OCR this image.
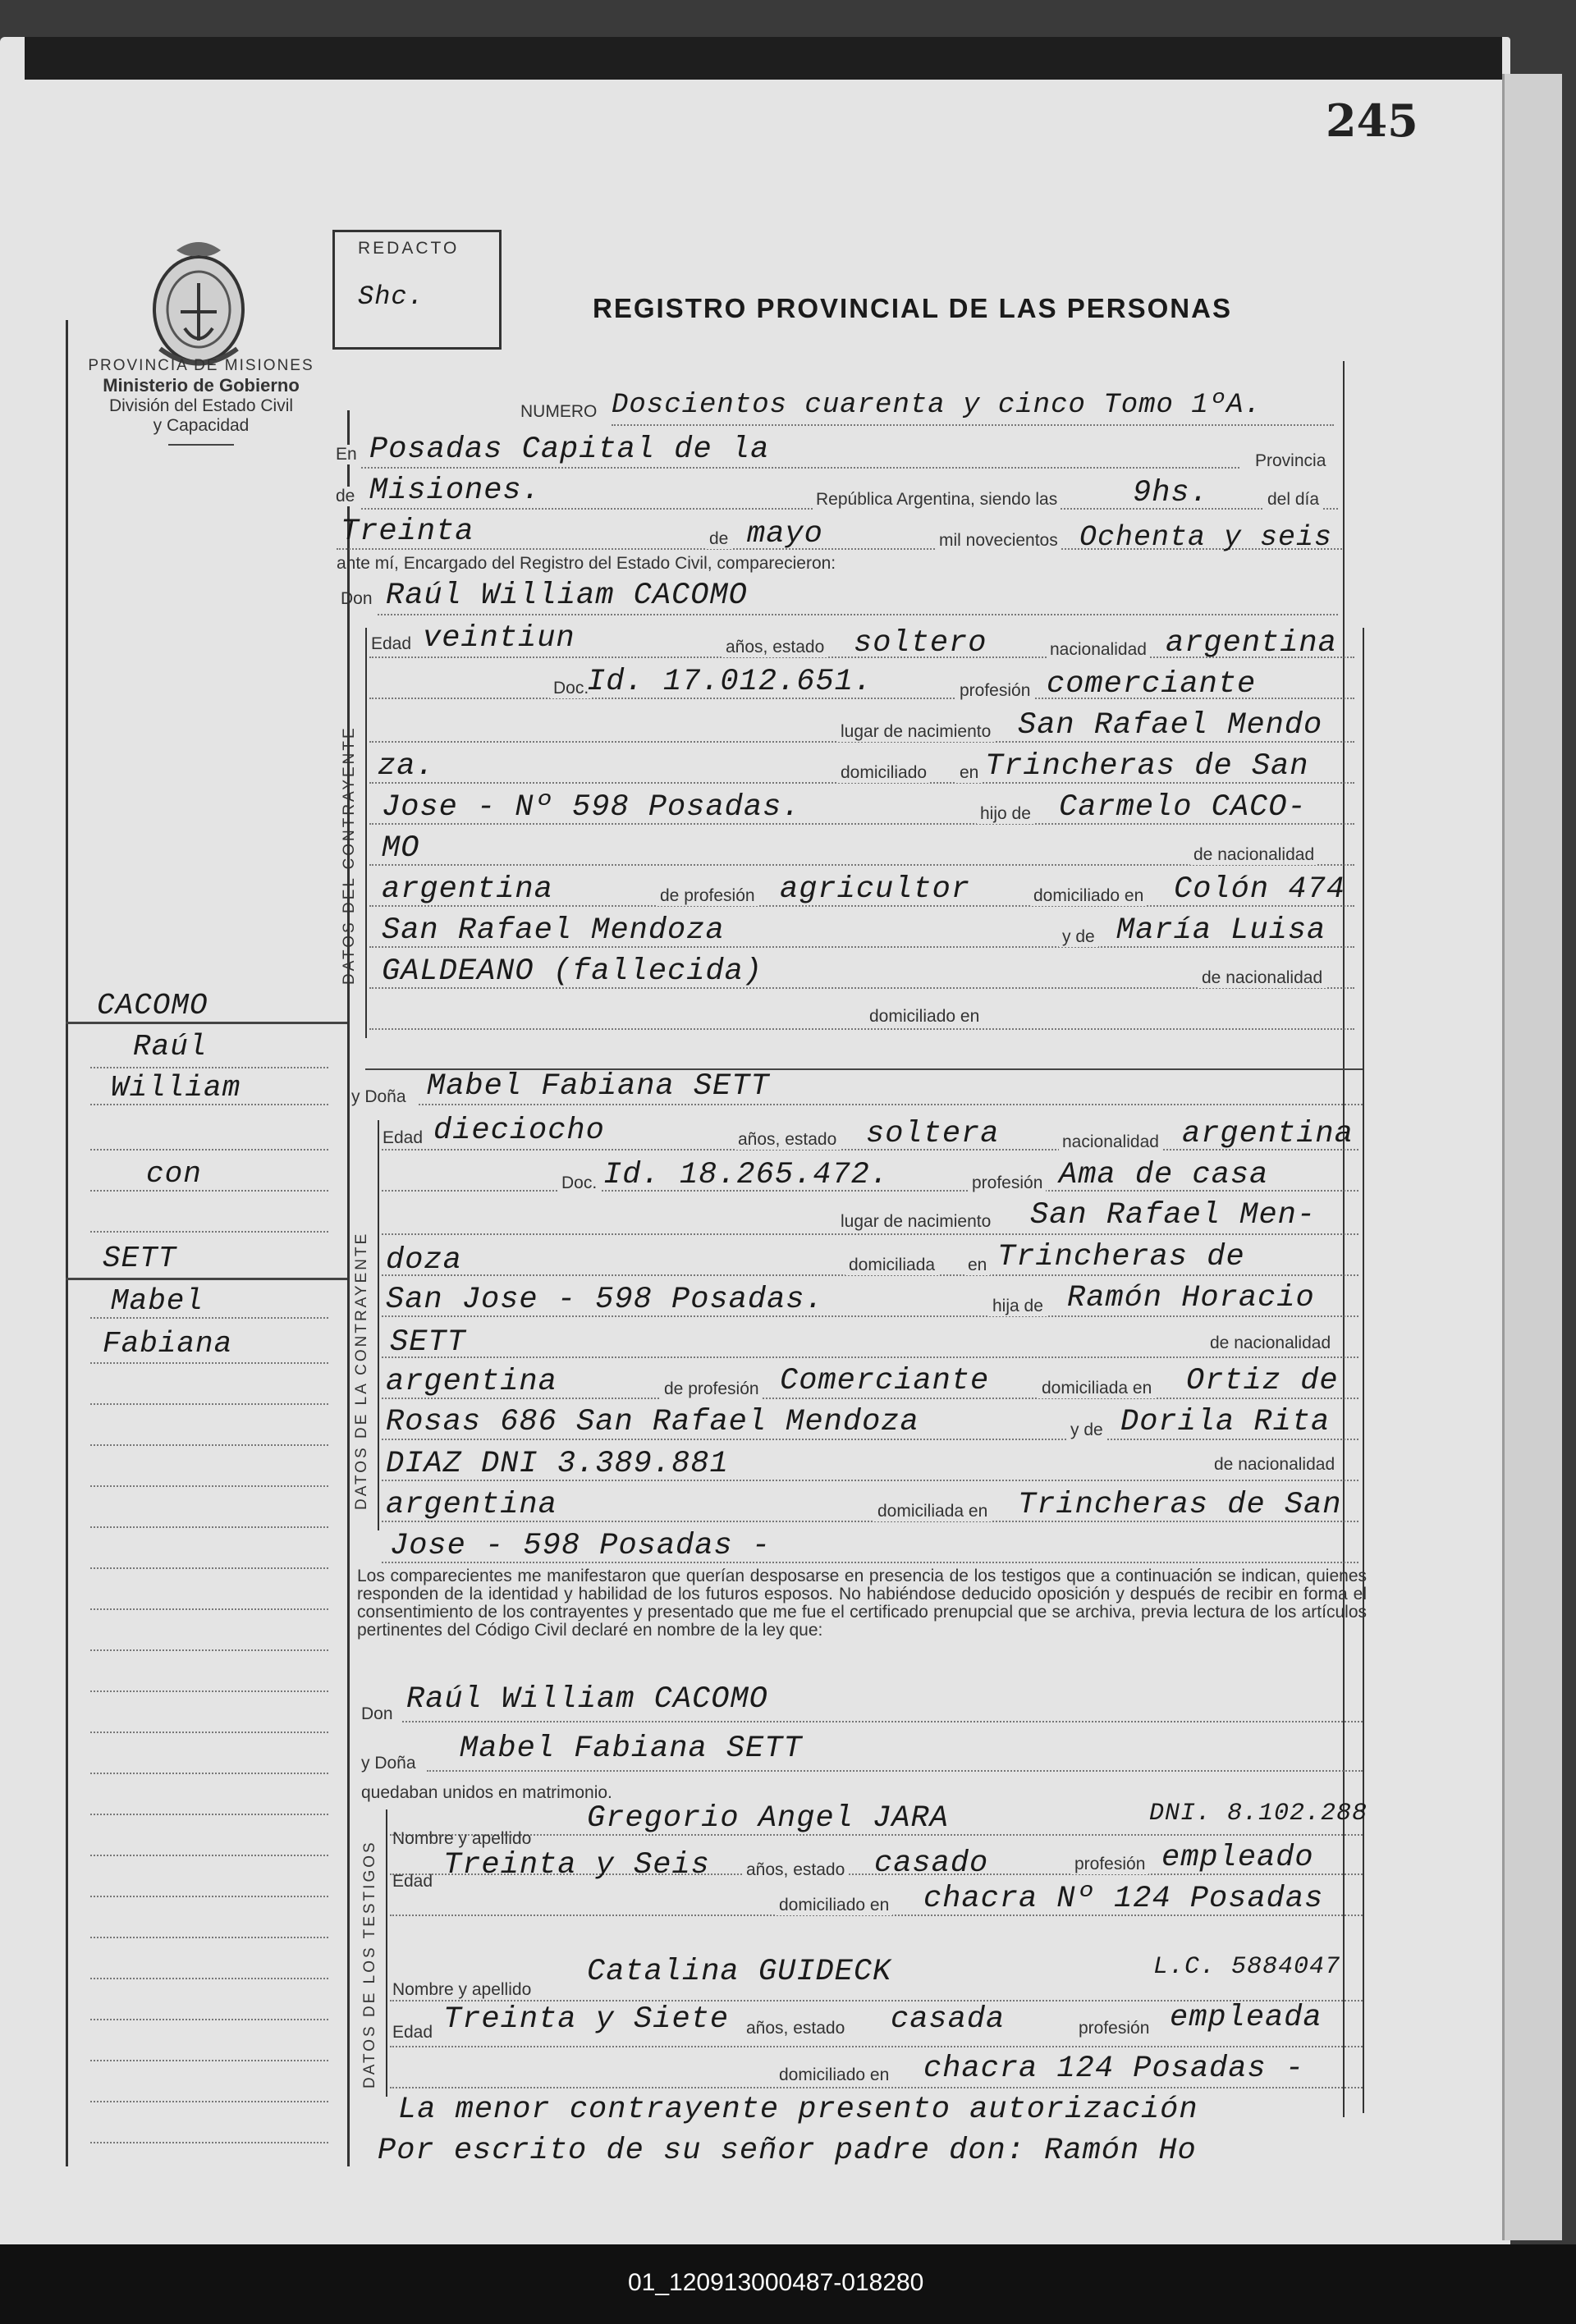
245
PROVINCIA DE MISIONES
Ministerio de Gobierno
División del Estado Civil
y Capacidad
REDACTO
Shc.	REGISTRO PROVINCIAL DE LAS PERSONAS
CACOMO
Raúl
William
con
SETT
Mabel
Fabiana
NUMERO Doscientos cuarenta y cinco Tomo 1ºA.
En Posadas Capital de la	Provincia
de Misiones.	República Argentina, siendo las 9hs.	del día
Treinta	de mayo	mil novecientos Ochenta y seis
ante mí, Encargado del Registro del Estado Civil, comparecieron:
Don Raúl William CACOMO
DATOS DEL CONTRAYENTE
Edad veintiun	años, estado soltero	nacionalidad argentina
Doc.
Id. 17.012.651.	profesión comerciante
lugar de nacimiento San Rafael Mendo
za.	domiciliado en Trincheras de San
Jose - Nº 598 Posadas.	hijo de Carmelo CACO-
MO	de nacionalidad
argentina	de profesión agricultor	domiciliado en Colón 474
San Rafael Mendoza	y de María Luisa
GALDEANO (fallecida)	de nacionalidad
domiciliado en
y Doña Mabel Fabiana SETT
DATOS DE LA CONTRAYENTE
Edad dieciocho	años, estado soltera	nacionalidad argentina
Doc. Id. 18.265.472.	profesión Ama de casa
lugar de nacimiento San Rafael Men-
doza	domiciliada en Trincheras de
San Jose - 598 Posadas.	hija de Ramón Horacio
SETT	de nacionalidad
argentina	de profesión Comerciante	domiciliada en Ortiz de
Rosas 686 San Rafael Mendoza	y de Dorila Rita
DIAZ DNI 3.389.881	de nacionalidad
argentina	domiciliada en Trincheras de San
Jose - 598 Posadas -
Los comparecientes me manifestaron que querían desposarse en presencia de los testigos que a continuación se indican, quienes responden de la identidad y habilidad de los futuros esposos. No habiéndose deducido oposición y después de recibir en forma el consentimiento de los contrayentes y presentado que me fue el certificado prenupcial que se archiva, previa lectura de los artículos pertinentes del Código Civil declaré en nombre de la ley que:
Don Raúl William CACOMO
y Doña Mabel Fabiana SETT
quedaban unidos en matrimonio.
DATOS DE LOS TESTIGOS
Nombre y apellido
Gregorio Angel JARA	DNI. 8.102.288
Edad Treinta y Seis años, estado casado	profesión empleado
domiciliado en chacra Nº 124 Posadas
Nombre y apellido
Catalina GUIDECK	L.C. 5884047
Edad Treinta y Siete años, estado casada	profesión empleada
domiciliado en chacra 124 Posadas -
La menor contrayente presento autorización
Por escrito de su señor padre don: Ramón Ho
01_120913000487-018280
